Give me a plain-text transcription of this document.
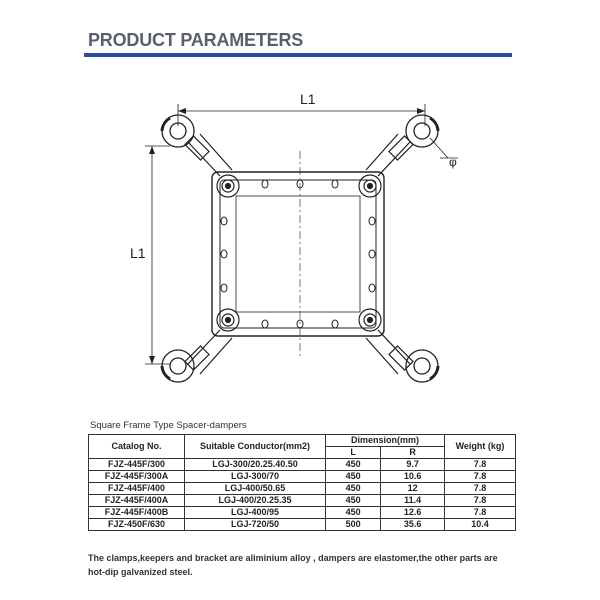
PRODUCT PARAMETERS
L1
L1
φ
Square Frame Type Spacer-dampers
Catalog No.	Suitable Conductor(mm2)	Dimension(mm)		Weight (kg)
		L	R	
FJZ-445F/300	LGJ-300/20.25.40.50	450	9.7	7.8
FJZ-445F/300A	LGJ-300/70	450	10.6	7.8
FJZ-445F/400	LGJ-400/50.65	450	12	7.8
FJZ-445F/400A	LGJ-400/20.25.35	450	11.4	7.8
FJZ-445F/400B	LGJ-400/95	450	12.6	7.8
FJZ-450F/630	LGJ-720/50	500	35.6	10.4
The clamps,keepers and bracket are aliminium alloy , dampers are elastomer,the other parts are hot-dip galvanized steel.
